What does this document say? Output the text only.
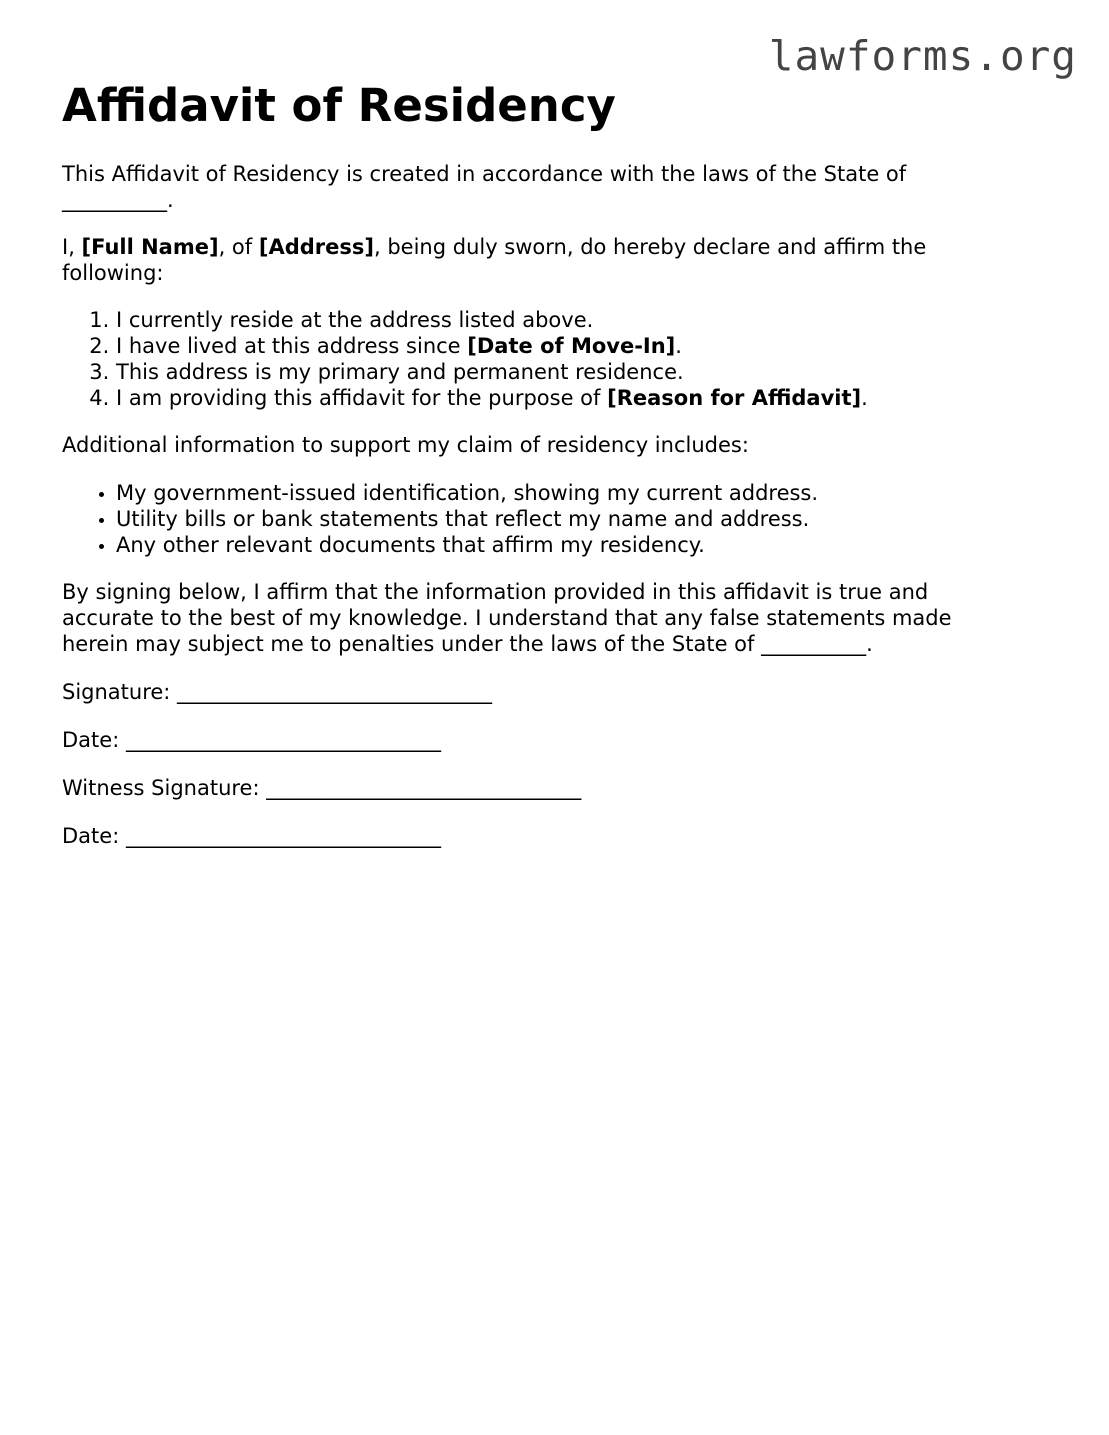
lawforms.org
Affidavit of Residency

This Affidavit of Residency is created in accordance with the laws of the State of
__________.

I, [Full Name], of [Address], being duly sworn, do hereby declare and affirm the following:

1. I currently reside at the address listed above.
2. I have lived at this address since [Date of Move-In].
3. This address is my primary and permanent residence.
4. I am providing this affidavit for the purpose of [Reason for Affidavit].

Additional information to support my claim of residency includes:

• My government-issued identification, showing my current address.
• Utility bills or bank statements that reflect my name and address.
• Any other relevant documents that affirm my residency.

By signing below, I affirm that the information provided in this affidavit is true and accurate to the best of my knowledge. I understand that any false statements made herein may subject me to penalties under the laws of the State of __________.

Signature: ______________________________

Date: ______________________________

Witness Signature: ______________________________

Date: ______________________________
